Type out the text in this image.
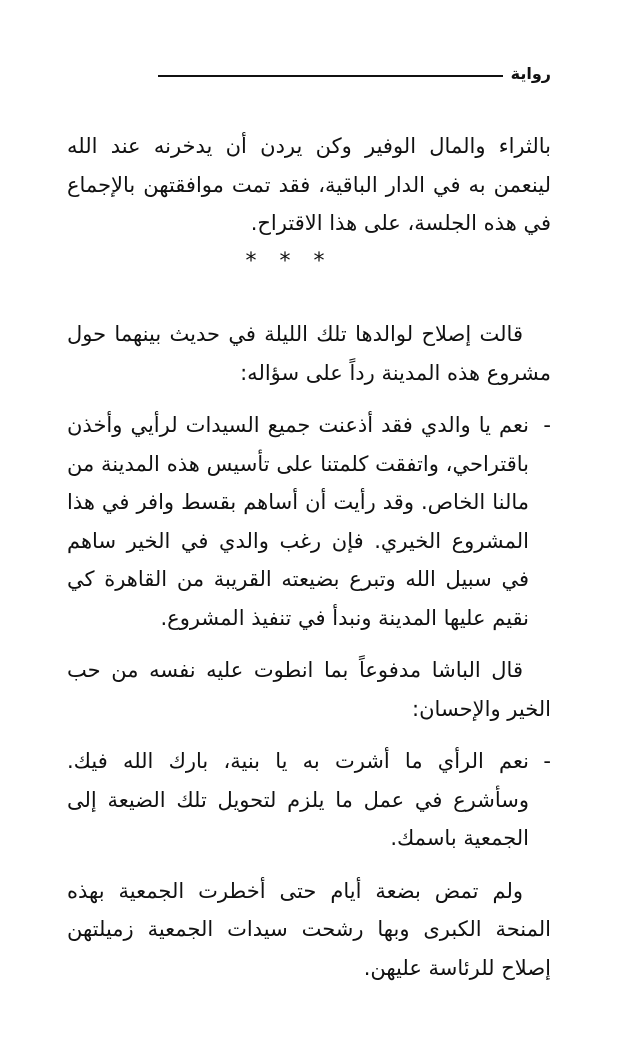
رواية

بالثراء والمال الوفير وكن يردن أن يدخرنه عند الله لينعمن به في الدار الباقية، فقد تمت موافقتهن بالإجماع في هذه الجلسة، على هذا الاقتراح.

* * *

قالت إصلاح لوالدها تلك الليلة في حديث بينهما حول مشروع هذه المدينة رداً على سؤاله:

-
نعم يا والدي فقد أذعنت جميع السيدات لرأيي وأخذن باقتراحي، واتفقت كلمتنا على تأسيس هذه المدينة من مالنا الخاص. وقد رأيت أن أساهم بقسط وافر في هذا المشروع الخيري. فإن رغب والدي في الخير ساهم في سبيل الله وتبرع بضيعته القريبة من القاهرة كي نقيم عليها المدينة ونبدأ في تنفيذ المشروع.

قال الباشا مدفوعاً بما انطوت عليه نفسه من حب الخير والإحسان:

-
نعم الرأي ما أشرت به يا بنية، بارك الله فيك. وسأشرع في عمل ما يلزم لتحويل تلك الضيعة إلى الجمعية باسمك.

ولم تمض بضعة أيام حتى أخطرت الجمعية بهذه المنحة الكبرى وبها رشحت سيدات الجمعية زميلتهن إصلاح للرئاسة عليهن.
